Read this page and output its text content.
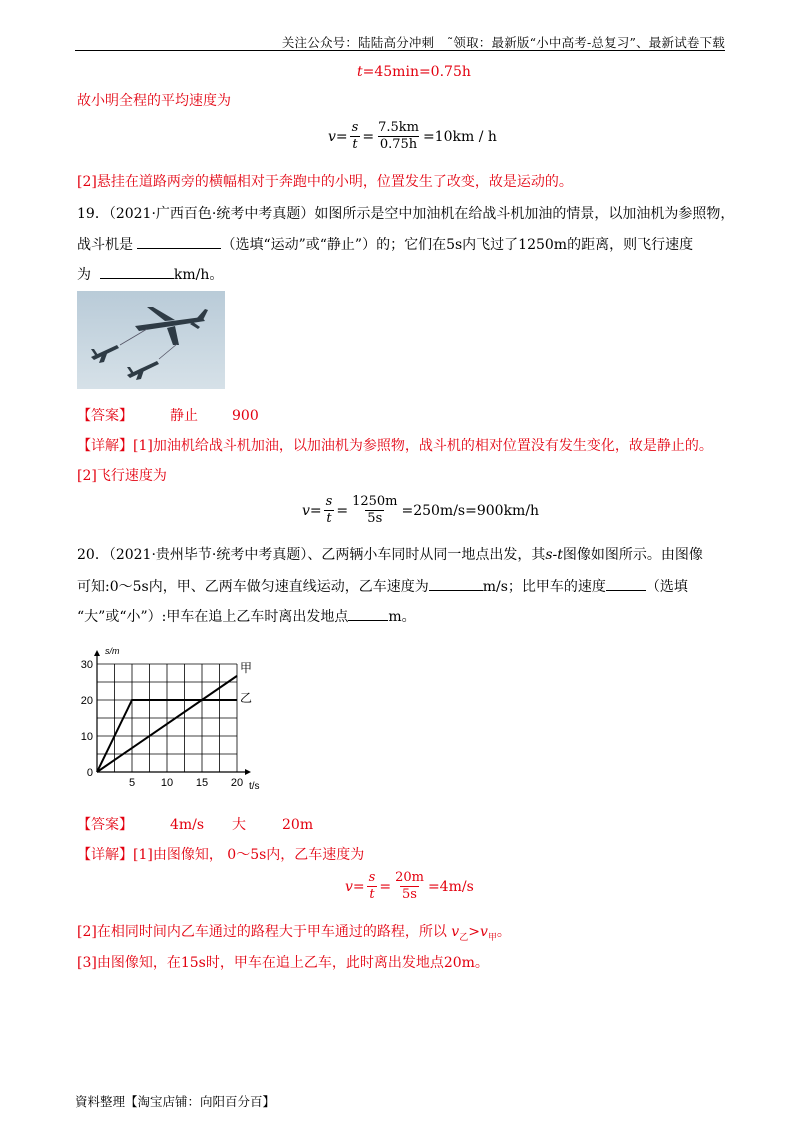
关注公众号：陆陆高分冲刺　˜领取：最新版“小中高考-总复习”、最新试卷下载
t=45min=0.75h
故小明全程的平均速度为
$v = \frac{s}{t} = \frac{7.5km}{0.75h} =10km / h$
[2]悬挂在道路两旁的横幅相对于奔跑中的小明，位置发生了改变，故是运动的。
19．（2021·广西百色·统考中考真题）如图所示是空中加油机在给战斗机加油的情景，以加油机为参照物，
战斗机是	（选填“运动”或“静止”）的；它们在5s内飞过了1250m的距离，则飞行速度
为	km/h。
【答案】	静止 900
【详解】[1]加油机给战斗机加油，以加油机为参照物，战斗机的相对位置没有发生变化，故是静止的。
[2]飞行速度为
$v = \frac{s}{t} = \frac{1250m}{5s} =250m/s=900km/h$
20．（2021·贵州毕节·统考中考真题）、乙两辆小车同时从同一地点出发，其s-t图像如图所示。由图像
可知:0～5s内，甲、乙两车做匀速直线运动，乙车速度为	m/s；比甲车的速度	（选填
“大”或“小”）:甲车在追上乙车时离出发地点	m。
0
10
20
30
5 10 15 20
s/m
t/s
甲
乙
【答案】	4m/s 大	20m
【详解】[1]由图像知， 0～5s内，乙车速度为
$v = \frac{s}{t} = \frac{20m}{5s} =4m/s$
[2]在相同时间内乙车通过的路程大于甲车通过的路程，所以 $v_乙>v_甲$。
[3]由图像知，在15s时，甲车在追上乙车，此时离出发地点20m。
資料整理【淘宝店铺：向阳百分百】
